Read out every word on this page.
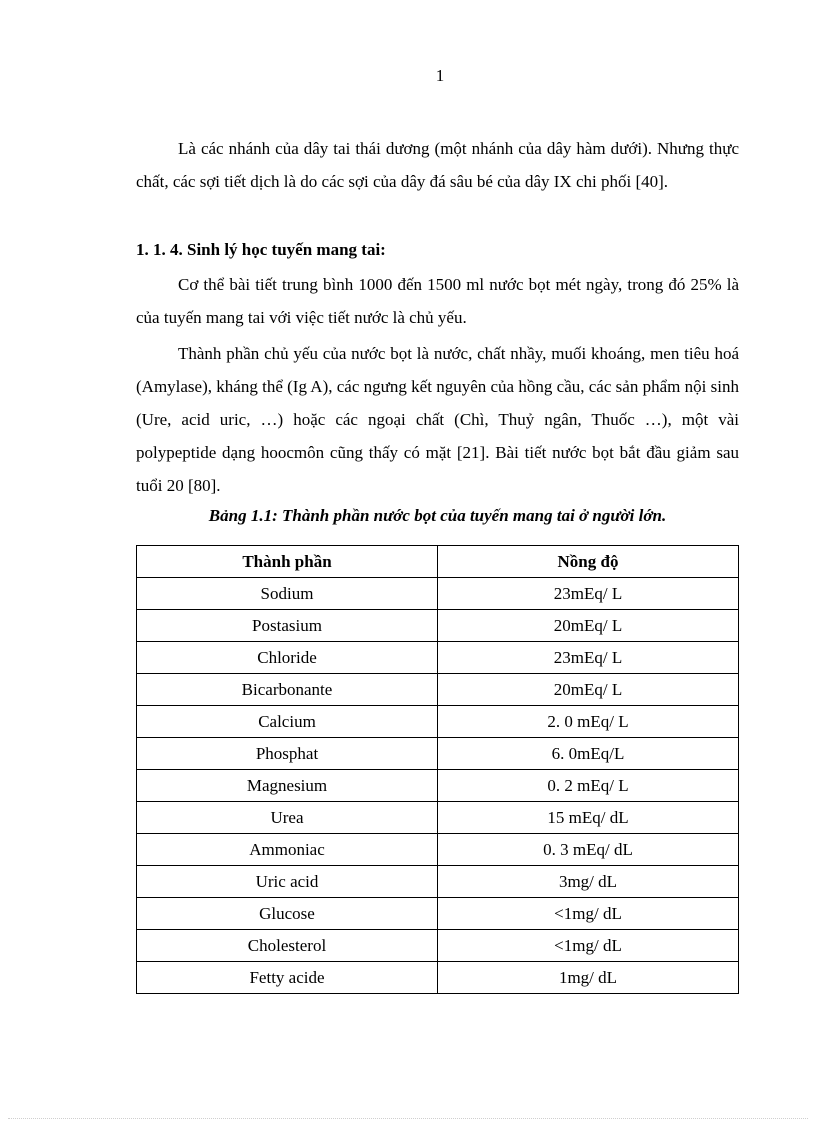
1

Là các nhánh của dây tai thái dương (một nhánh của dây hàm dưới). Nhưng thực chất, các sợi tiết dịch là do các sợi của dây đá sâu bé của dây IX chi phối [40].

1. 1. 4. Sinh lý học tuyến mang tai:

Cơ thể bài tiết trung bình 1000 đến 1500 ml nước bọt mét ngày, trong đó 25% là của tuyến mang tai với việc tiết nước là chủ yếu.

Thành phần chủ yếu của nước bọt là nước, chất nhầy, muối khoáng, men tiêu hoá (Amylase), kháng thể (Ig A), các ngưng kết nguyên của hồng cầu, các sản phẩm nội sinh (Ure, acid uric, …) hoặc các ngoại chất (Chì, Thuỷ ngân, Thuốc …), một vài polypeptide dạng hoocmôn cũng thấy có mặt [21]. Bài tiết nước bọt bắt đầu giảm sau tuổi 20 [80].

Bảng 1.1: Thành phần nước bọt của tuyến mang tai ở người lớn.

Thành phần	Nồng độ
Sodium	23mEq/ L
Postasium	20mEq/ L
Chloride	23mEq/ L
Bicarbonante	20mEq/ L
Calcium	2. 0 mEq/ L
Phosphat	6. 0mEq/L
Magnesium	0. 2 mEq/ L
Urea	15 mEq/ dL
Ammoniac	0. 3 mEq/ dL
Uric acid	3mg/ dL
Glucose	<1mg/ dL
Cholesterol	<1mg/ dL
Fetty acide	1mg/ dL
